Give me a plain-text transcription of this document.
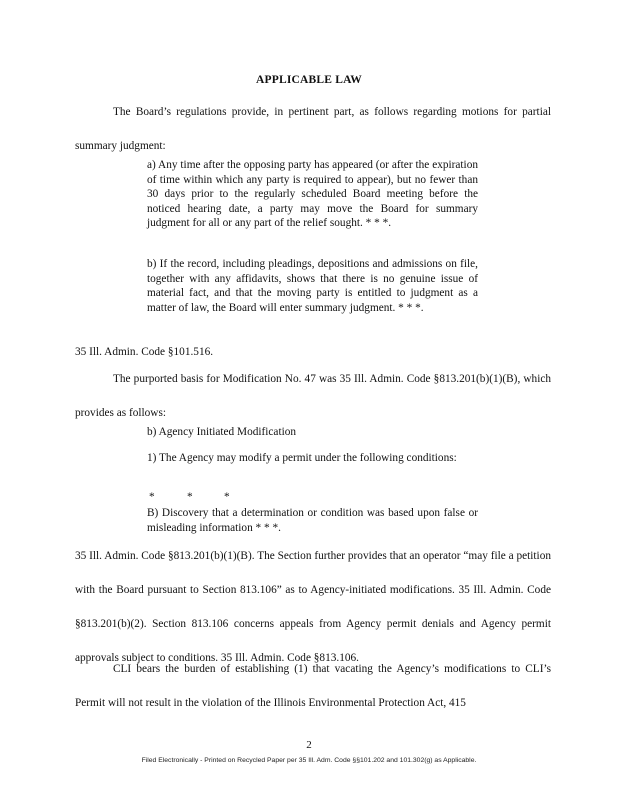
APPLICABLE LAW
The Board’s regulations provide, in pertinent part, as follows regarding motions for partial summary judgment:
a) Any time after the opposing party has appeared (or after the expiration of time within which any party is required to appear), but no fewer than 30 days prior to the regularly scheduled Board meeting before the noticed hearing date, a party may move the Board for summary judgment for all or any part of the relief sought. * * *.
b) If the record, including pleadings, depositions and admissions on file, together with any affidavits, shows that there is no genuine issue of material fact, and that the moving party is entitled to judgment as a matter of law, the Board will enter summary judgment. * * *.
35 Ill. Admin. Code §101.516.
The purported basis for Modification No. 47 was 35 Ill. Admin. Code §813.201(b)(1)(B), which provides as follows:
b) Agency Initiated Modification
1) The Agency may modify a permit under the following conditions:
*	*	*
B) Discovery that a determination or condition was based upon false or misleading information * * *.
35 Ill. Admin. Code §813.201(b)(1)(B). The Section further provides that an operator “may file a petition with the Board pursuant to Section 813.106” as to Agency-initiated modifications. 35 Ill. Admin. Code §813.201(b)(2). Section 813.106 concerns appeals from Agency permit denials and Agency permit approvals subject to conditions. 35 Ill. Admin. Code §813.106.
CLI bears the burden of establishing (1) that vacating the Agency’s modifications to CLI’s Permit will not result in the violation of the Illinois Environmental Protection Act, 415
2
Filed Electronically - Printed on Recycled Paper per 35 Ill. Adm. Code §§101.202 and 101.302(g) as Applicable.
